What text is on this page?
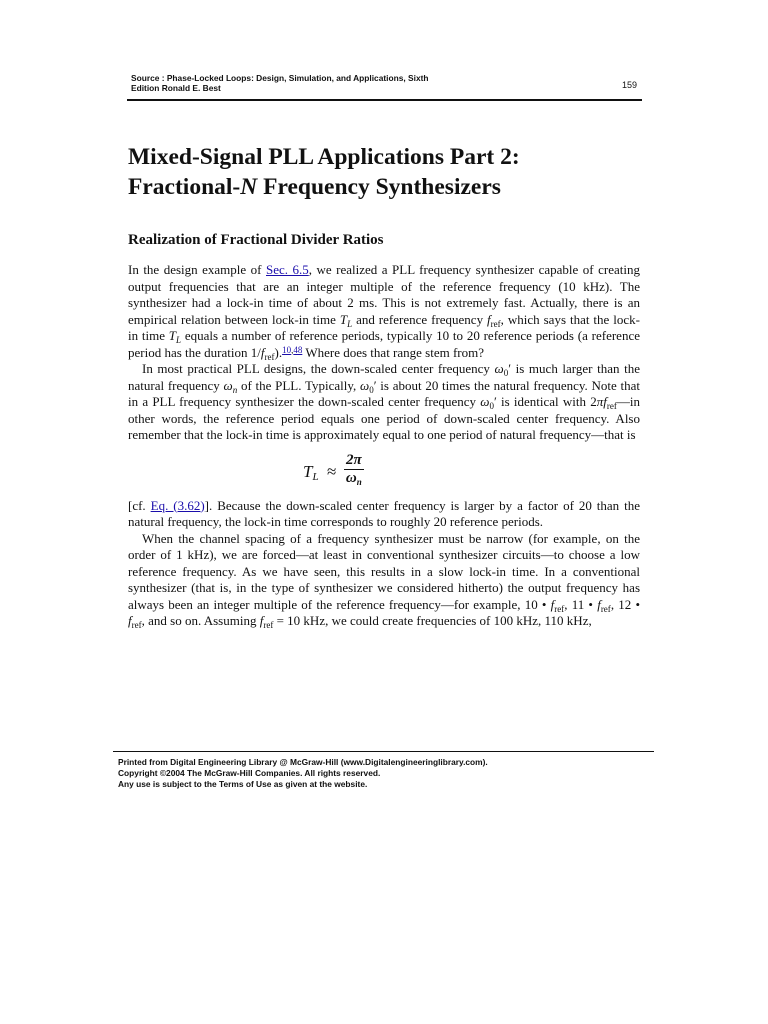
Source : Phase-Locked Loops: Design, Simulation, and Applications, Sixth
Edition Ronald E. Best	159
Mixed-Signal PLL Applications Part 2:
Fractional-N Frequency Synthesizers
Realization of Fractional Divider Ratios

In the design example of Sec. 6.5, we realized a PLL frequency synthesizer capable of creating output frequencies that are an integer multiple of the reference frequency (10 kHz). The synthesizer had a lock-in time of about 2 ms. This is not extremely fast. Actually, there is an empirical relation between lock-in time $T_L$ and reference frequency $f_{ref}$, which says that the lock-in time $T_L$ equals a number of reference periods, typically 10 to 20 reference periods (a reference period has the duration $1/f_{ref}).^{10,48}$ Where does that range stem from?

In most practical PLL designs, the down-scaled center frequency $\omega_0'$ is much larger than the natural frequency $\omega_n$ of the PLL. Typically, $\omega_0'$ is about 20 times the natural frequency. Note that in a PLL frequency synthesizer the down-scaled center frequency $\omega_0'$ is identical with $2\pi f_{ref}—in$ other words, the reference period equals one period of down-scaled center frequency. Also remember that the lock-in time is approximately equal to one period of natural frequency—that is

$T_L \approx \frac{2\pi}{\omega_n}$

[cf. Eq. (3.62)]. Because the down-scaled center frequency is larger by a factor of 20 than the natural frequency, the lock-in time corresponds to roughly 20 reference periods.

When the channel spacing of a frequency synthesizer must be narrow (for example, on the order of 1 kHz), we are forced—at least in conventional synthesizer circuits—to choose a low reference frequency. As we have seen, this results in a slow lock-in time. In a conventional synthesizer (that is, in the type of synthesizer we considered hitherto) the output frequency has always been an integer multiple of the reference frequency—for example, 10 • $f_{ref}$, 11 • $f_{ref}$, 12 • $f_{ref}$, and so on. Assuming $f_{ref} = 10$ kHz, we could create frequencies of 100 kHz, 110 kHz,

Printed from Digital Engineering Library @ McGraw-Hill (www.Digitalengineeringlibrary.com).
Copyright ©2004 The McGraw-Hill Companies. All rights reserved.
Any use is subject to the Terms of Use as given at the website.
